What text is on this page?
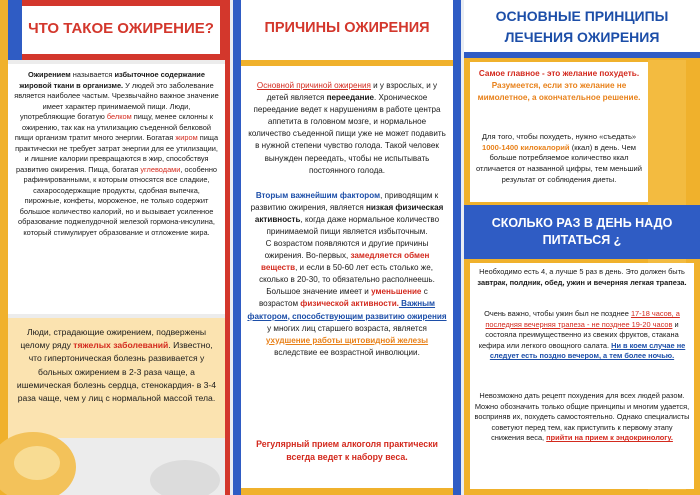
ЧТО ТАКОЕ ОЖИРЕНИЕ?

Ожирением называется избыточное содержание жировой ткани в организме. У людей это заболевание является наиболее частым. Чрезвычайно важное значение имеет характер принимаемой пищи. Люди, употребляющие богатую белком пищу, менее склонны к ожирению, так как на утилизацию съеденной белковой пищи организм тратит много энергии. Богатая жиром пища практически не требует затрат энергии для ее утилизации, и лишние калории превращаются в жир, способствуя развитию ожирения. Пища, богатая углеводами, особенно рафинированными, к которым относятся все сладкие, сахаросодержащие продукты, сдобная выпечка, пирожные, конфеты, мороженое, не только содержит большое количество калорий, но и вызывает усиленное образование поджелудочной железой гормона-инсулина, который стимулирует образование и отложение жира.

Люди, страдающие ожирением, подвержены целому ряду тяжелых заболеваний. Известно, что гипертоническая болезнь развивается у больных ожирением в 2-3 раза чаще, а ишемическая болезнь сердца, стенокардия- в 3-4 раза чаще, чем у лиц с нормальной массой тела.

ПРИЧИНЫ ОЖИРЕНИЯ

Основной причиной ожирения и у взрослых, и у детей является переедание. Хроническое переедание ведет к нарушениям в работе центра аппетита в головном мозге, и нормальное количество съеденной пищи уже не может подавить в нужной степени чувство голода. Такой человек вынужден переедать, чтобы не испытывать постоянного голода.

Вторым важнейшим фактором, приводящим к развитию ожирения, является низкая физическая активность, когда даже нормальное количество принимаемой пищи является избыточным.

С возрастом появляются и другие причины ожирения. Во-первых, замедляется обмен веществ, и если в 50-60 лет есть столько же, сколько в 20-30, то обязательно располнеешь. Большое значение имеет и уменьшение с возрастом физической активности. Важным фактором, способствующим развитию ожирения у многих лиц старшего возраста, является ухудшение работы щитовидной железы вследствие ее возрастной инволюции.

Регулярный прием алкоголя практически всегда ведет к набору веса.

ОСНОВНЫЕ ПРИНЦИПЫ
ЛЕЧЕНИЯ ОЖИРЕНИЯ

Самое главное - это желание похудеть. Разумеется, если это желание не мимолетное, а окончательное решение.

Для того, чтобы похудеть, нужно «съедать» 1000-1400 килокалорий (ккал) в день. Чем больше потребляемое количество ккал отличается от названной цифры, тем меньший результат от соблюдения диеты.

СКОЛЬКО РАЗ В ДЕНЬ НАДО ПИТАТЬСЯ ¿

Необходимо есть 4, а лучше 5 раз в день. Это должен быть завтрак, полдник, обед, ужин и вечерняя легкая трапеза.

Очень важно, чтобы ужин был не позднее 17-18 часов, а последняя вечерняя трапеза - не позднее 19-20 часов и состояла преимущественно из свежих фруктов, стакана кефира или легкого овощного салата. Ни в коем случае не следует есть поздно вечером, а тем более ночью.

Невозможно дать рецепт похудения для всех людей разом. Можно обозначить только общие принципы и многим удается, восприняв их, похудеть самостоятельно. Однако специалисты советуют перед тем, как приступить к первому этапу снижения веса, прийти на прием к эндокринологу.
